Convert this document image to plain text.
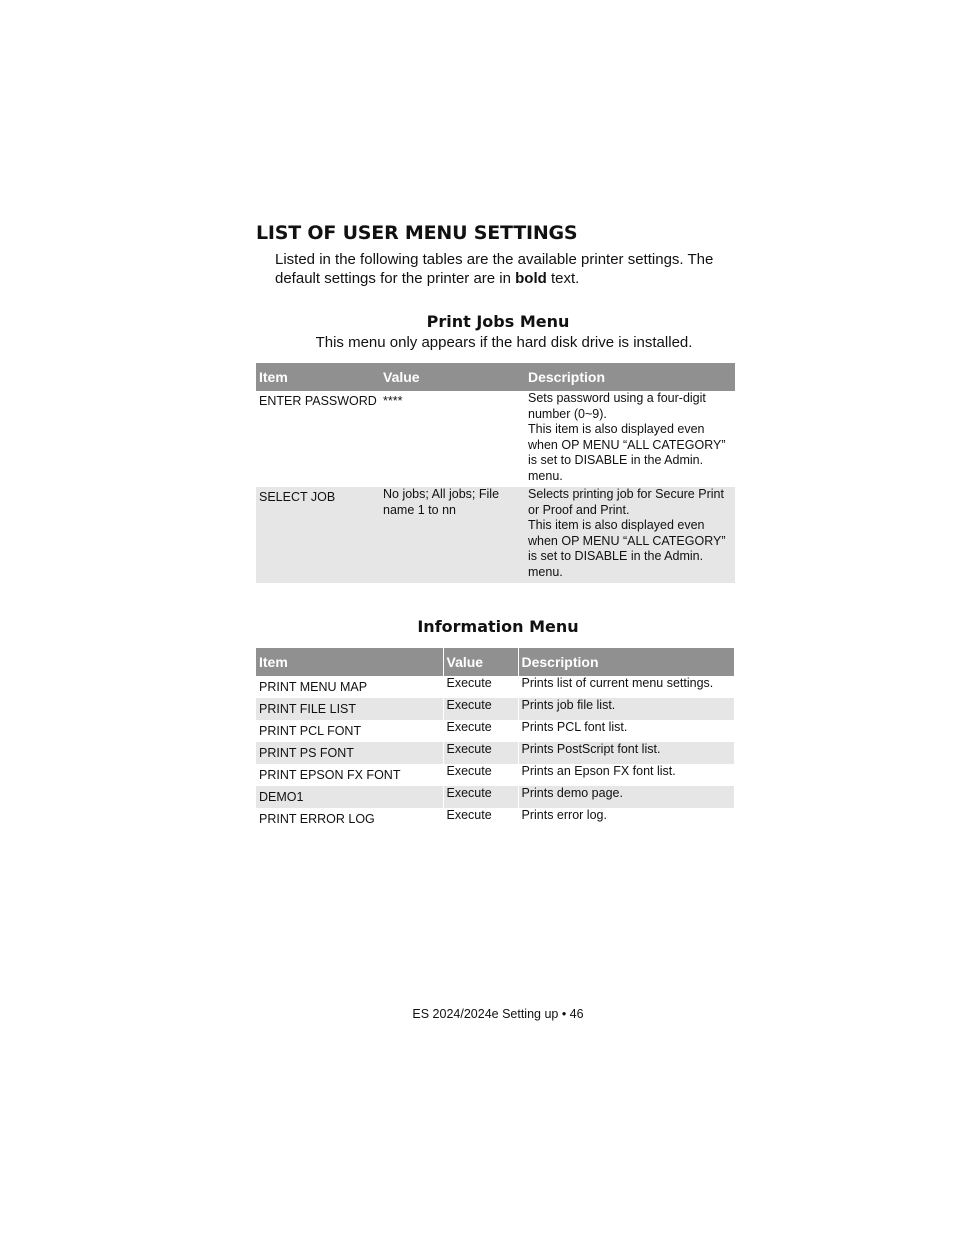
LIST OF USER MENU SETTINGS

Listed in the following tables are the available printer settings. The default settings for the printer are in bold text.

Print Jobs Menu

This menu only appears if the hard disk drive is installed.

Item	Value	Description
ENTER PASSWORD	****	Sets password using a four-digit number (0~9).
This item is also displayed even when OP MENU “ALL CATEGORY” is set to DISABLE in the Admin. menu.

SELECT JOB	No jobs; All jobs; File name 1 to nn	Selects printing job for Secure Print or Proof and Print.
This item is also displayed even when OP MENU “ALL CATEGORY” is set to DISABLE in the Admin. menu.
Information Menu
Item	Value	Description
PRINT MENU MAP	Execute	Prints list of current menu settings.
PRINT FILE LIST	Execute	Prints job file list.
PRINT PCL FONT	Execute	Prints PCL font list.
PRINT PS FONT	Execute	Prints PostScript font list.
PRINT EPSON FX FONT	Execute	Prints an Epson FX font list.
DEMO1	Execute	Prints demo page.
PRINT ERROR LOG	Execute	Prints error log.

ES 2024/2024e Setting up • 46
